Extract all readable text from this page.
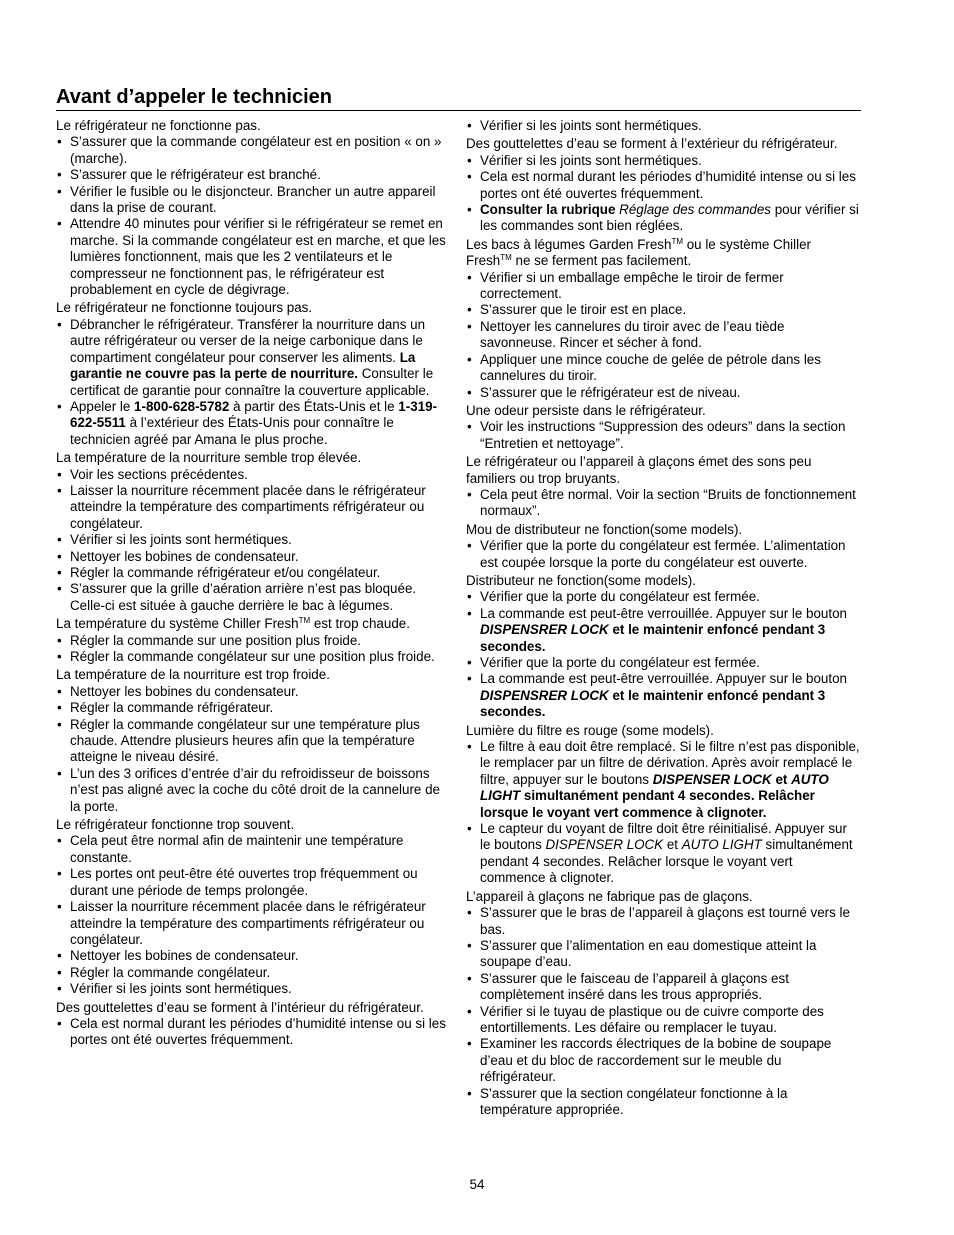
Avant d’appeler le technicien

Le réfrigérateur ne fonctionne pas.

• S’assurer que la commande congélateur est en position « on » (marche).

• S’assurer que le réfrigérateur est branché.

• Vérifier le fusible ou le disjoncteur. Brancher un autre appareil dans la prise de courant.

• Attendre 40 minutes pour vérifier si le réfrigérateur se remet en marche. Si la commande congélateur est en marche, et que les lumières fonctionnent, mais que les 2 ventilateurs et le compresseur ne fonctionnent pas, le réfrigérateur est probablement en cycle de dégivrage.

Le réfrigérateur ne fonctionne toujours pas.

• Débrancher le réfrigérateur. Transférer la nourriture dans un autre réfrigérateur ou verser de la neige carbonique dans le compartiment congélateur pour conserver les aliments. La garantie ne couvre pas la perte de nourriture. Consulter le certificat de garantie pour connaître la couverture applicable.

• Appeler le 1-800-628-5782 à partir des États-Unis et le 1-319-622-5511 à l’extérieur des États-Unis pour connaître le technicien agréé par Amana le plus proche.

La température de la nourriture semble trop élevée.

• Voir les sections précédentes.

• Laisser la nourriture récemment placée dans le réfrigérateur atteindre la température des compartiments réfrigérateur ou congélateur.

• Vérifier si les joints sont hermétiques.

• Nettoyer les bobines de condensateur.

• Régler la commande réfrigérateur et/ou congélateur.

• S’assurer que la grille d’aération arrière n’est pas bloquée. Celle-ci est située à gauche derrière le bac à légumes.

La température du système Chiller Fresh™ est trop chaude.

• Régler la commande sur une position plus froide.

• Régler la commande congélateur sur une position plus froide.

La température de la nourriture est trop froide.

• Nettoyer les bobines du condensateur.

• Régler la commande réfrigérateur.

• Régler la commande congélateur sur une température plus chaude. Attendre plusieurs heures afin que la température atteigne le niveau désiré.

• L’un des 3 orifices d’entrée d’air du refroidisseur de boissons n’est pas aligné avec la coche du côté droit de la cannelure de la porte.

Le réfrigérateur fonctionne trop souvent.

• Cela peut être normal afin de maintenir une température constante.

• Les portes ont peut-être été ouvertes trop fréquemment ou durant une période de temps prolongée.

• Laisser la nourriture récemment placée dans le réfrigérateur atteindre la température des compartiments réfrigérateur ou congélateur.

• Nettoyer les bobines de condensateur.

• Régler la commande congélateur.

• Vérifier si les joints sont hermétiques.

Des gouttelettes d’eau se forment à l’intérieur du réfrigérateur.

• Cela est normal durant les périodes d’humidité intense ou si les portes ont été ouvertes fréquemment.

• Vérifier si les joints sont hermétiques.

Des gouttelettes d’eau se forment à l’extérieur du réfrigérateur.

• Vérifier si les joints sont hermétiques.

• Cela est normal durant les périodes d’humidité intense ou si les portes ont été ouvertes fréquemment.

• Consulter la rubrique Réglage des commandes pour vérifier si les commandes sont bien réglées.

Les bacs à légumes Garden Fresh™ ou le système Chiller Fresh™ ne se ferment pas facilement.

• Vérifier si un emballage empêche le tiroir de fermer correctement.

• S’assurer que le tiroir est en place.

• Nettoyer les cannelures du tiroir avec de l’eau tiède savonneuse. Rincer et sécher à fond.

• Appliquer une mince couche de gelée de pétrole dans les cannelures du tiroir.

• S’assurer que le réfrigérateur est de niveau.

Une odeur persiste dans le réfrigérateur.

• Voir les instructions “Suppression des odeurs” dans la section “Entretien et nettoyage”.

Le réfrigérateur ou l’appareil à glaçons émet des sons peu familiers ou trop bruyants.

• Cela peut être normal. Voir la section “Bruits de fonctionnement normaux”.

Mou de distributeur ne fonction(some models).

• Vérifier que la porte du congélateur est fermée. L’alimentation est coupée lorsque la porte du congélateur est ouverte.

Distributeur ne fonction(some models).

• Vérifier que la porte du congélateur est fermée.

• La commande est peut-être verrouillée. Appuyer sur le bouton DISPENSRER LOCK et le maintenir enfoncé pendant 3 secondes.

• Vérifier que la porte du congélateur est fermée.

• La commande est peut-être verrouillée. Appuyer sur le bouton DISPENSRER LOCK et le maintenir enfoncé pendant 3 secondes.

Lumière du filtre es rouge (some models).

• Le filtre à eau doit être remplacé. Si le filtre n’est pas disponible, le remplacer par un filtre de dérivation. Après avoir remplacé le filtre, appuyer sur le boutons DISPENSER LOCK et AUTO LIGHT simultanément pendant 4 secondes. Relâcher lorsque le voyant vert commence à clignoter.

• Le capteur du voyant de filtre doit être réinitialisé. Appuyer sur le boutons DISPENSER LOCK et AUTO LIGHT simultanément pendant 4 secondes. Relâcher lorsque le voyant vert commence à clignoter.

L’appareil à glaçons ne fabrique pas de glaçons.

• S’assurer que le bras de l’appareil à glaçons est tourné vers le bas.

• S’assurer que l’alimentation en eau domestique atteint la soupape d’eau.

• S’assurer que le faisceau de l’appareil à glaçons est complètement inséré dans les trous appropriés.

• Vérifier si le tuyau de plastique ou de cuivre comporte des entortillements. Les défaire ou remplacer le tuyau.

• Examiner les raccords électriques de la bobine de soupape d’eau et du bloc de raccordement sur le meuble du réfrigérateur.

• S’assurer que la section congélateur fonctionne à la température appropriée.

54
